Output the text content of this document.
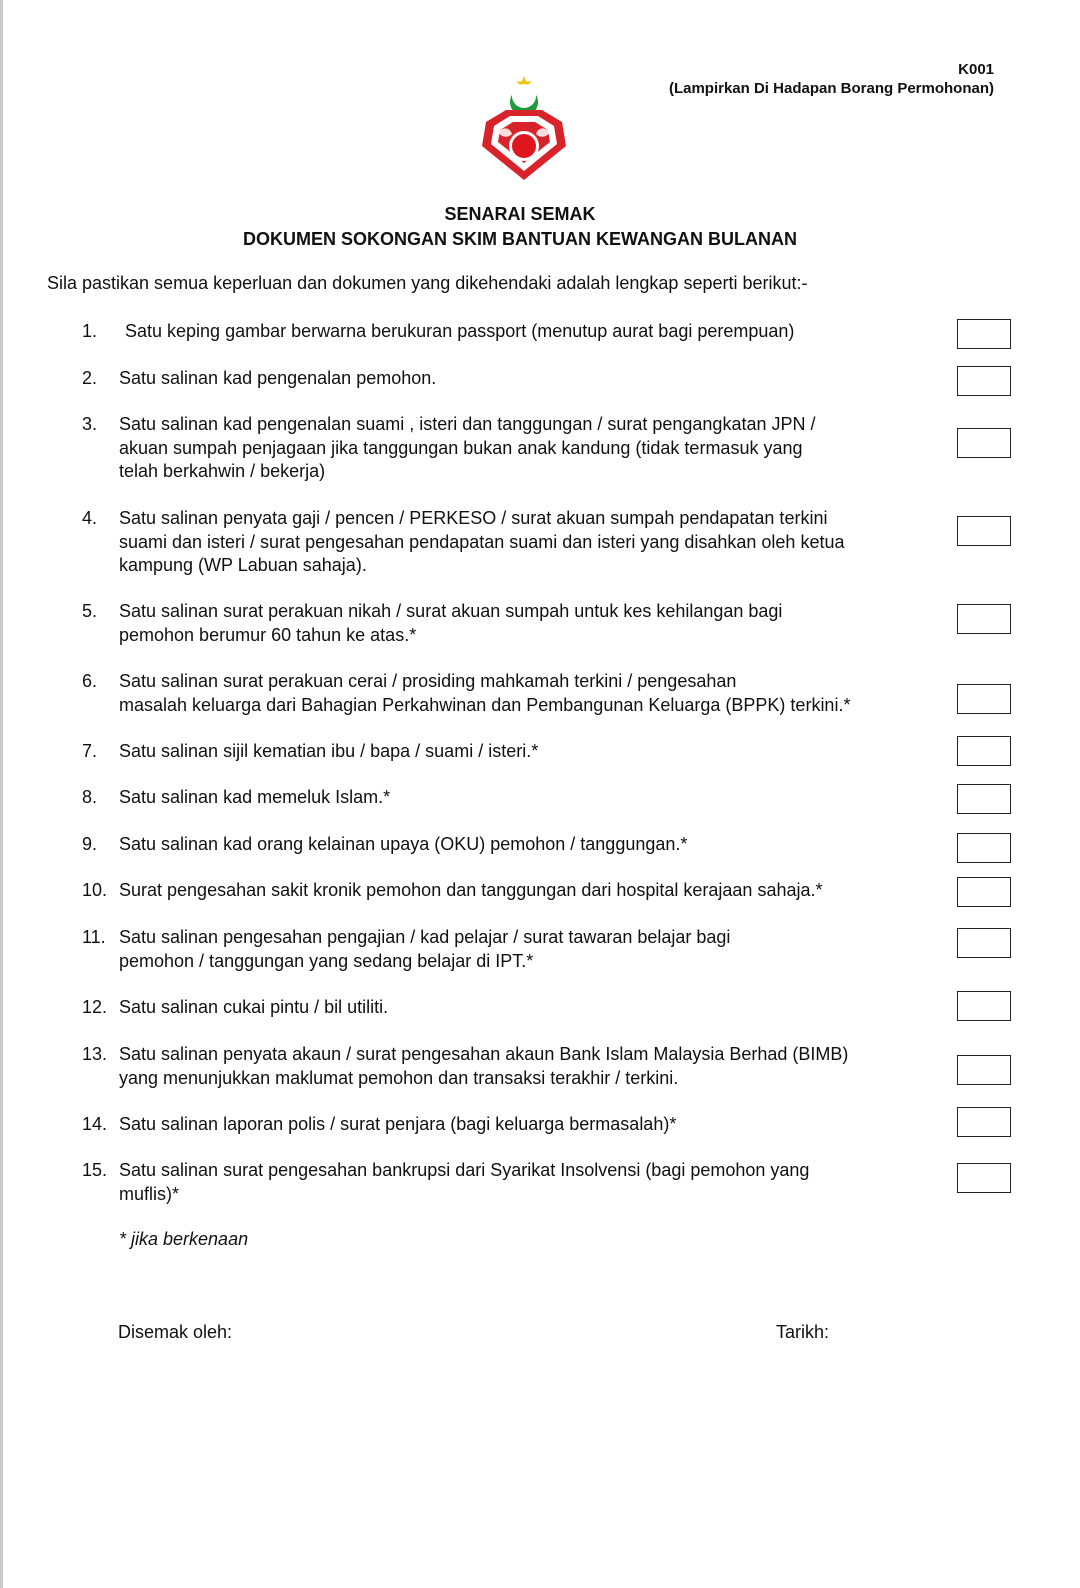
K001
(Lampirkan Di Hadapan Borang Permohonan)
SENARAI SEMAK
DOKUMEN SOKONGAN SKIM BANTUAN KEWANGAN BULANAN
Sila pastikan semua keperluan dan dokumen yang dikehendaki adalah lengkap seperti berikut:-
1. Satu keping gambar berwarna berukuran passport (menutup aurat bagi perempuan)
2. Satu salinan kad pengenalan pemohon.
3. Satu salinan kad pengenalan suami , isteri dan tanggungan / surat pengangkatan JPN /
akuan sumpah penjagaan jika tanggungan bukan anak kandung (tidak termasuk yang
telah berkahwin / bekerja)
4. Satu salinan penyata gaji / pencen / PERKESO / surat akuan sumpah pendapatan terkini
suami dan isteri / surat pengesahan pendapatan suami dan isteri yang disahkan oleh ketua
kampung (WP Labuan sahaja).
5. Satu salinan surat perakuan nikah / surat akuan sumpah untuk kes kehilangan bagi
pemohon berumur 60 tahun ke atas.*
6. Satu salinan surat perakuan cerai / prosiding mahkamah terkini / pengesahan
masalah keluarga dari Bahagian Perkahwinan dan Pembangunan Keluarga (BPPK) terkini.*
7. Satu salinan sijil kematian ibu / bapa / suami / isteri.*
8. Satu salinan kad memeluk Islam.*
9. Satu salinan kad orang kelainan upaya (OKU) pemohon / tanggungan.*
10. Surat pengesahan sakit kronik pemohon dan tanggungan dari hospital kerajaan sahaja.*
11. Satu salinan pengesahan pengajian / kad pelajar / surat tawaran belajar bagi
pemohon / tanggungan yang sedang belajar di IPT.*
12. Satu salinan cukai pintu / bil utiliti.
13. Satu salinan penyata akaun / surat pengesahan akaun Bank Islam Malaysia Berhad (BIMB)
yang menunjukkan maklumat pemohon dan transaksi terakhir / terkini.
14. Satu salinan laporan polis / surat penjara (bagi keluarga bermasalah)*
15. Satu salinan surat pengesahan bankrupsi dari Syarikat Insolvensi (bagi pemohon yang
muflis)*
* jika berkenaan
Disemak oleh:	Tarikh:
